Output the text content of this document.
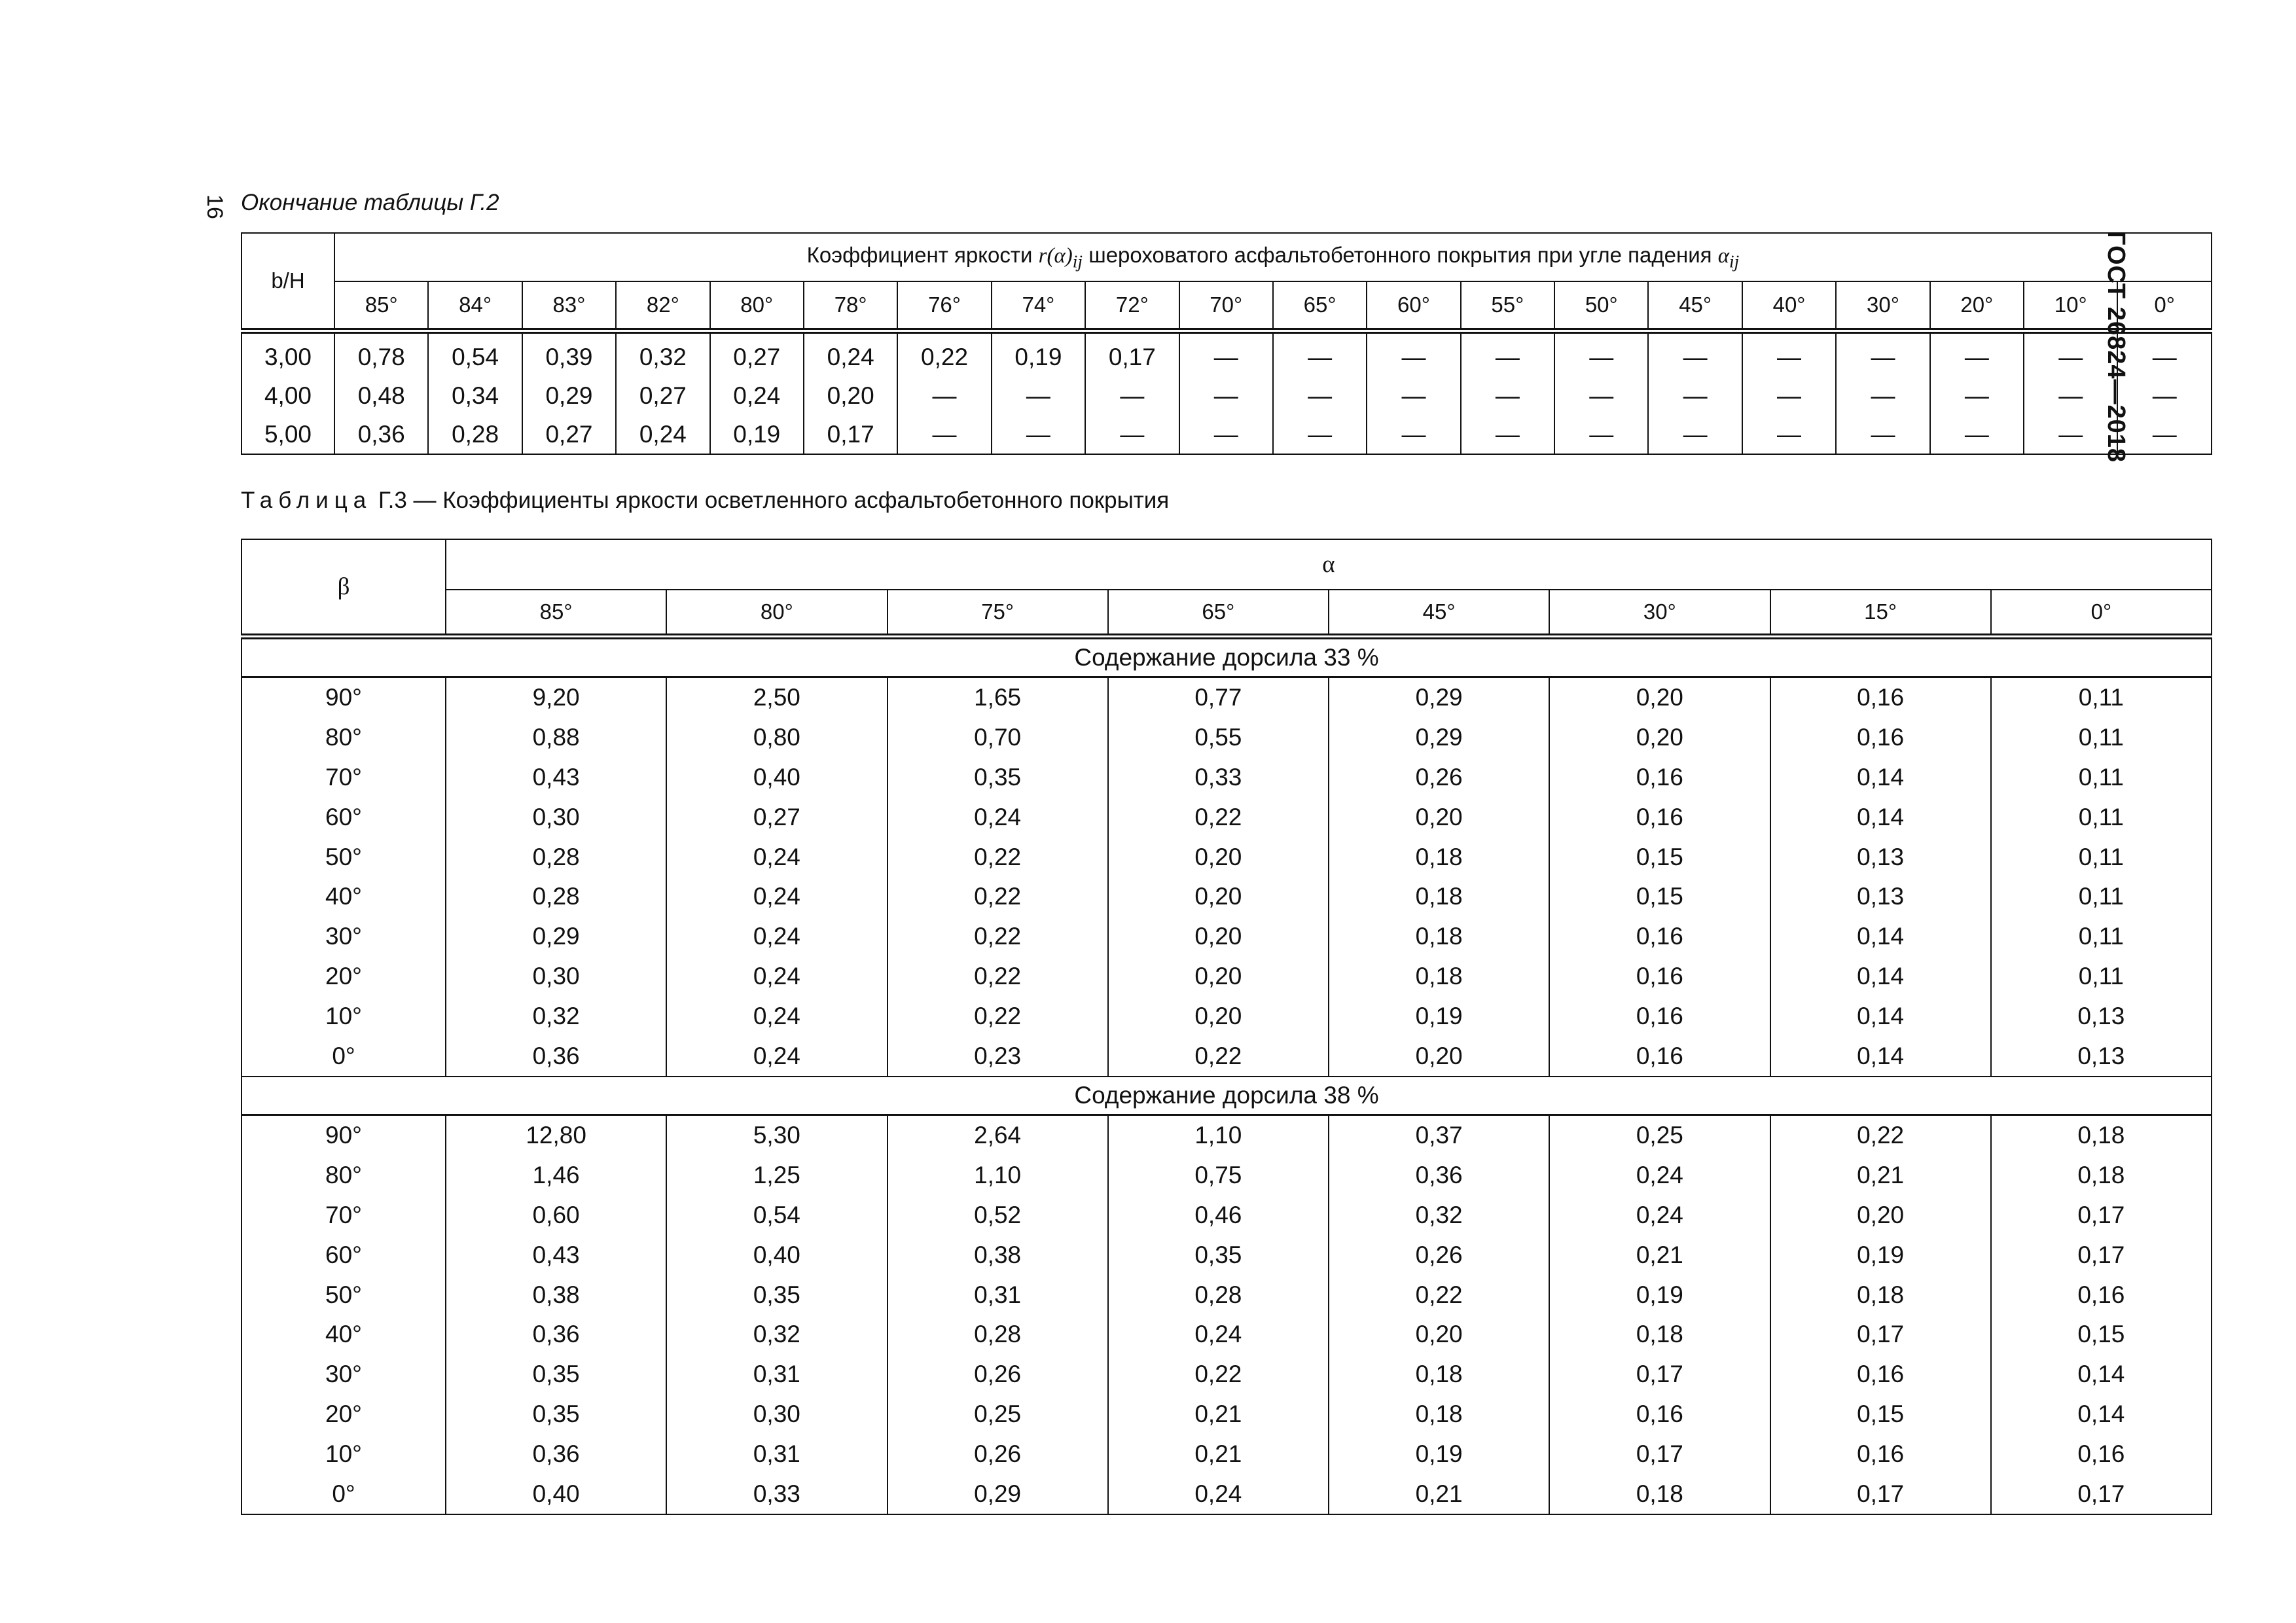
16
ГОСТ 26824—2018
Окончание таблицы Г.2
b/H	Коэффициент яркости $r(\alpha)_{ij}$ шероховатого асфальтобетонного покрытия при угле падения $\alpha_{ij}$
	85°	84°	83°	82°	80°	78°	76°	74°	72°	70°	65°	60°	55°	50°	45°	40°	30°	20°	10°	0°
3,00	0,78	0,54	0,39	0,32	0,27	0,24	0,22	0,19	0,17	—	—	—	—	—	—	—	—	—	—	—
4,00	0,48	0,34	0,29	0,27	0,24	0,20	—	—	—	—	—	—	—	—	—	—	—	—	—	—
5,00	0,36	0,28	0,27	0,24	0,19	0,17	—	—	—	—	—	—	—	—	—	—	—	—	—	—
Таблица Г.3 — Коэффициенты яркости осветленного асфальтобетонного покрытия
β	α							
	85°	80°	75°	65°	45°	30°	15°	0°
Содержание дорсила 33 %								
90°	9,20	2,50	1,65	0,77	0,29	0,20	0,16	0,11
80°	0,88	0,80	0,70	0,55	0,29	0,20	0,16	0,11
70°	0,43	0,40	0,35	0,33	0,26	0,16	0,14	0,11
60°	0,30	0,27	0,24	0,22	0,20	0,16	0,14	0,11
50°	0,28	0,24	0,22	0,20	0,18	0,15	0,13	0,11
40°	0,28	0,24	0,22	0,20	0,18	0,15	0,13	0,11
30°	0,29	0,24	0,22	0,20	0,18	0,16	0,14	0,11
20°	0,30	0,24	0,22	0,20	0,18	0,16	0,14	0,11
10°	0,32	0,24	0,22	0,20	0,19	0,16	0,14	0,13
0°	0,36	0,24	0,23	0,22	0,20	0,16	0,14	0,13
Содержание дорсила 38 %								
90°	12,80	5,30	2,64	1,10	0,37	0,25	0,22	0,18
80°	1,46	1,25	1,10	0,75	0,36	0,24	0,21	0,18
70°	0,60	0,54	0,52	0,46	0,32	0,24	0,20	0,17
60°	0,43	0,40	0,38	0,35	0,26	0,21	0,19	0,17
50°	0,38	0,35	0,31	0,28	0,22	0,19	0,18	0,16
40°	0,36	0,32	0,28	0,24	0,20	0,18	0,17	0,15
30°	0,35	0,31	0,26	0,22	0,18	0,17	0,16	0,14
20°	0,35	0,30	0,25	0,21	0,18	0,16	0,15	0,14
10°	0,36	0,31	0,26	0,21	0,19	0,17	0,16	0,16
0°	0,40	0,33	0,29	0,24	0,21	0,18	0,17	0,17
